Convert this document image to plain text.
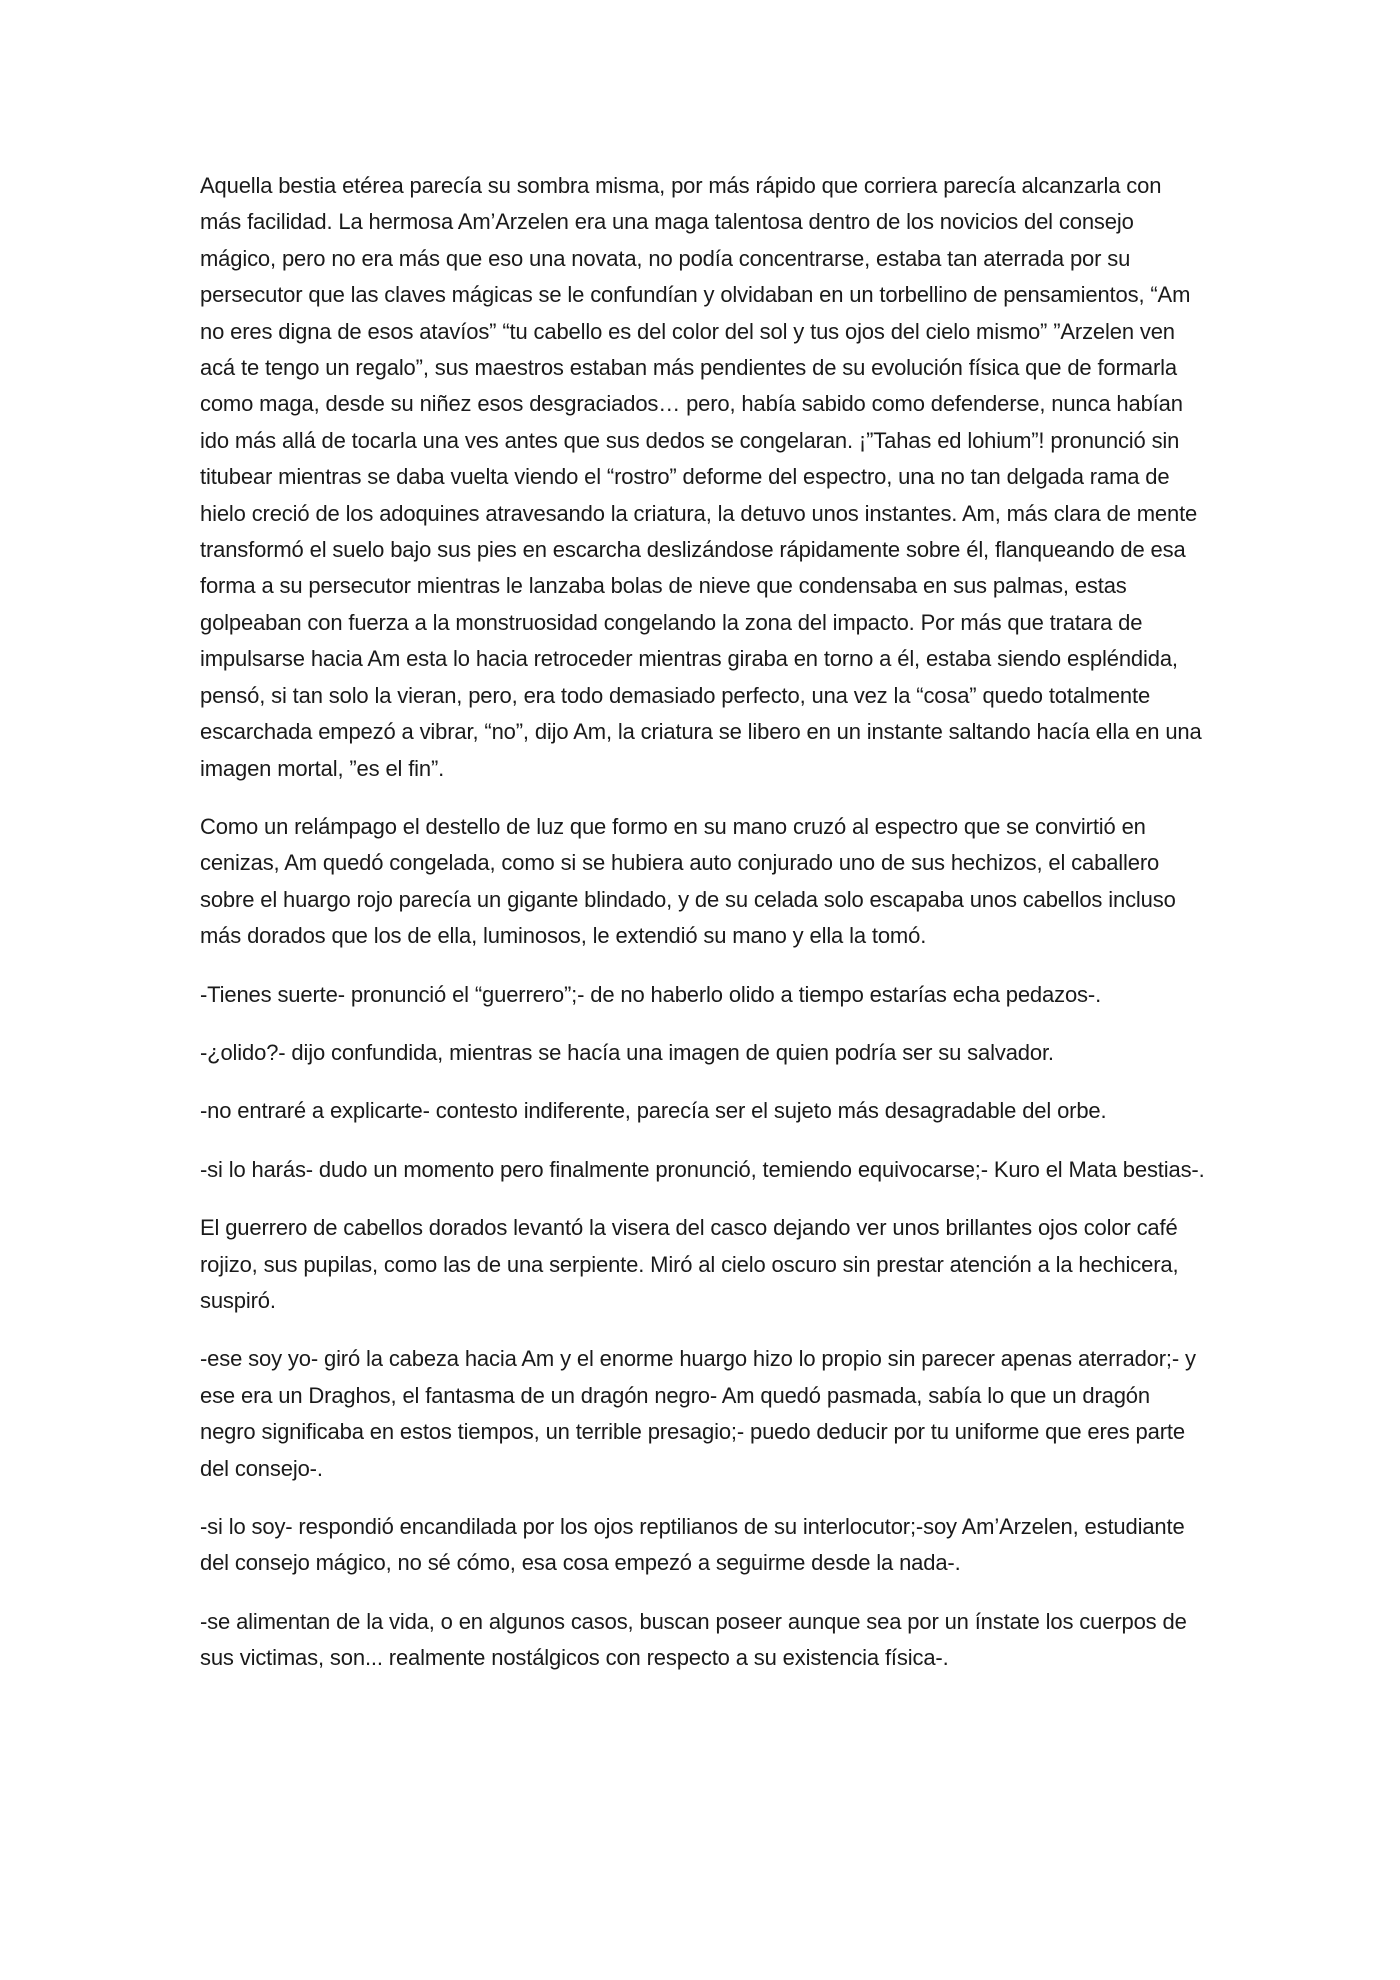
Aquella bestia etérea parecía su sombra misma, por más rápido que corriera parecía alcanzarla con más facilidad. La hermosa Am’Arzelen era una maga talentosa dentro de los novicios del consejo mágico, pero no era más que eso una novata, no podía concentrarse, estaba tan aterrada por su persecutor que las claves mágicas se le confundían y olvidaban en un torbellino de pensamientos, “Am no eres digna de esos atavíos” “tu cabello es del color del sol y tus ojos del cielo mismo” ”Arzelen ven acá te tengo un regalo”, sus maestros estaban más pendientes de su evolución física que de formarla como maga, desde su niñez esos desgraciados… pero, había sabido como defenderse, nunca habían ido más allá de tocarla una ves antes que sus dedos se congelaran. ¡”Tahas ed lohium”! pronunció sin titubear mientras se daba vuelta viendo el “rostro” deforme del espectro, una no tan delgada rama de hielo creció de los adoquines atravesando la criatura, la detuvo unos instantes. Am, más clara de mente transformó el suelo bajo sus pies en escarcha deslizándose rápidamente sobre él, flanqueando de esa forma a su persecutor mientras le lanzaba bolas de nieve que condensaba en sus palmas, estas golpeaban con fuerza a la monstruosidad congelando la zona del impacto. Por más que tratara de impulsarse hacia Am esta lo hacia retroceder mientras giraba en torno a él, estaba siendo espléndida, pensó, si tan solo la vieran, pero, era todo demasiado perfecto, una vez la “cosa” quedo totalmente escarchada empezó a vibrar, “no”, dijo Am, la criatura se libero en un instante saltando hacía ella en una imagen mortal, ”es el fin”.

Como un relámpago el destello de luz que formo en su mano cruzó al espectro que se convirtió en cenizas, Am quedó congelada, como si se hubiera auto conjurado uno de sus hechizos, el caballero sobre el huargo rojo parecía un gigante blindado, y de su celada solo escapaba unos cabellos incluso más dorados que los de ella, luminosos, le extendió su mano y ella la tomó.

-Tienes suerte- pronunció el “guerrero”;- de no haberlo olido a tiempo estarías echa pedazos-.

-¿olido?- dijo confundida, mientras se hacía una imagen de quien podría ser su salvador.

-no entraré a explicarte- contesto indiferente, parecía ser el sujeto más desagradable del orbe.

-si lo harás- dudo un momento pero finalmente pronunció, temiendo equivocarse;- Kuro el Mata bestias-.

El guerrero de cabellos dorados levantó la visera del casco dejando ver unos brillantes ojos color café rojizo, sus pupilas, como las de una serpiente. Miró al cielo oscuro sin prestar atención a la hechicera, suspiró.

-ese soy yo- giró la cabeza hacia Am y el enorme huargo hizo lo propio sin parecer apenas aterrador;- y ese era un Draghos, el fantasma de un dragón negro- Am quedó pasmada, sabía lo que un dragón negro significaba en estos tiempos, un terrible presagio;- puedo deducir por tu uniforme que eres parte del consejo-.

-si lo soy- respondió encandilada por los ojos reptilianos de su interlocutor;-soy Am’Arzelen, estudiante del consejo mágico, no sé cómo, esa cosa empezó a seguirme desde la nada-.

-se alimentan de la vida, o en algunos casos, buscan poseer aunque sea por un ínstate los cuerpos de sus victimas, son... realmente nostálgicos con respecto a su existencia física-.
